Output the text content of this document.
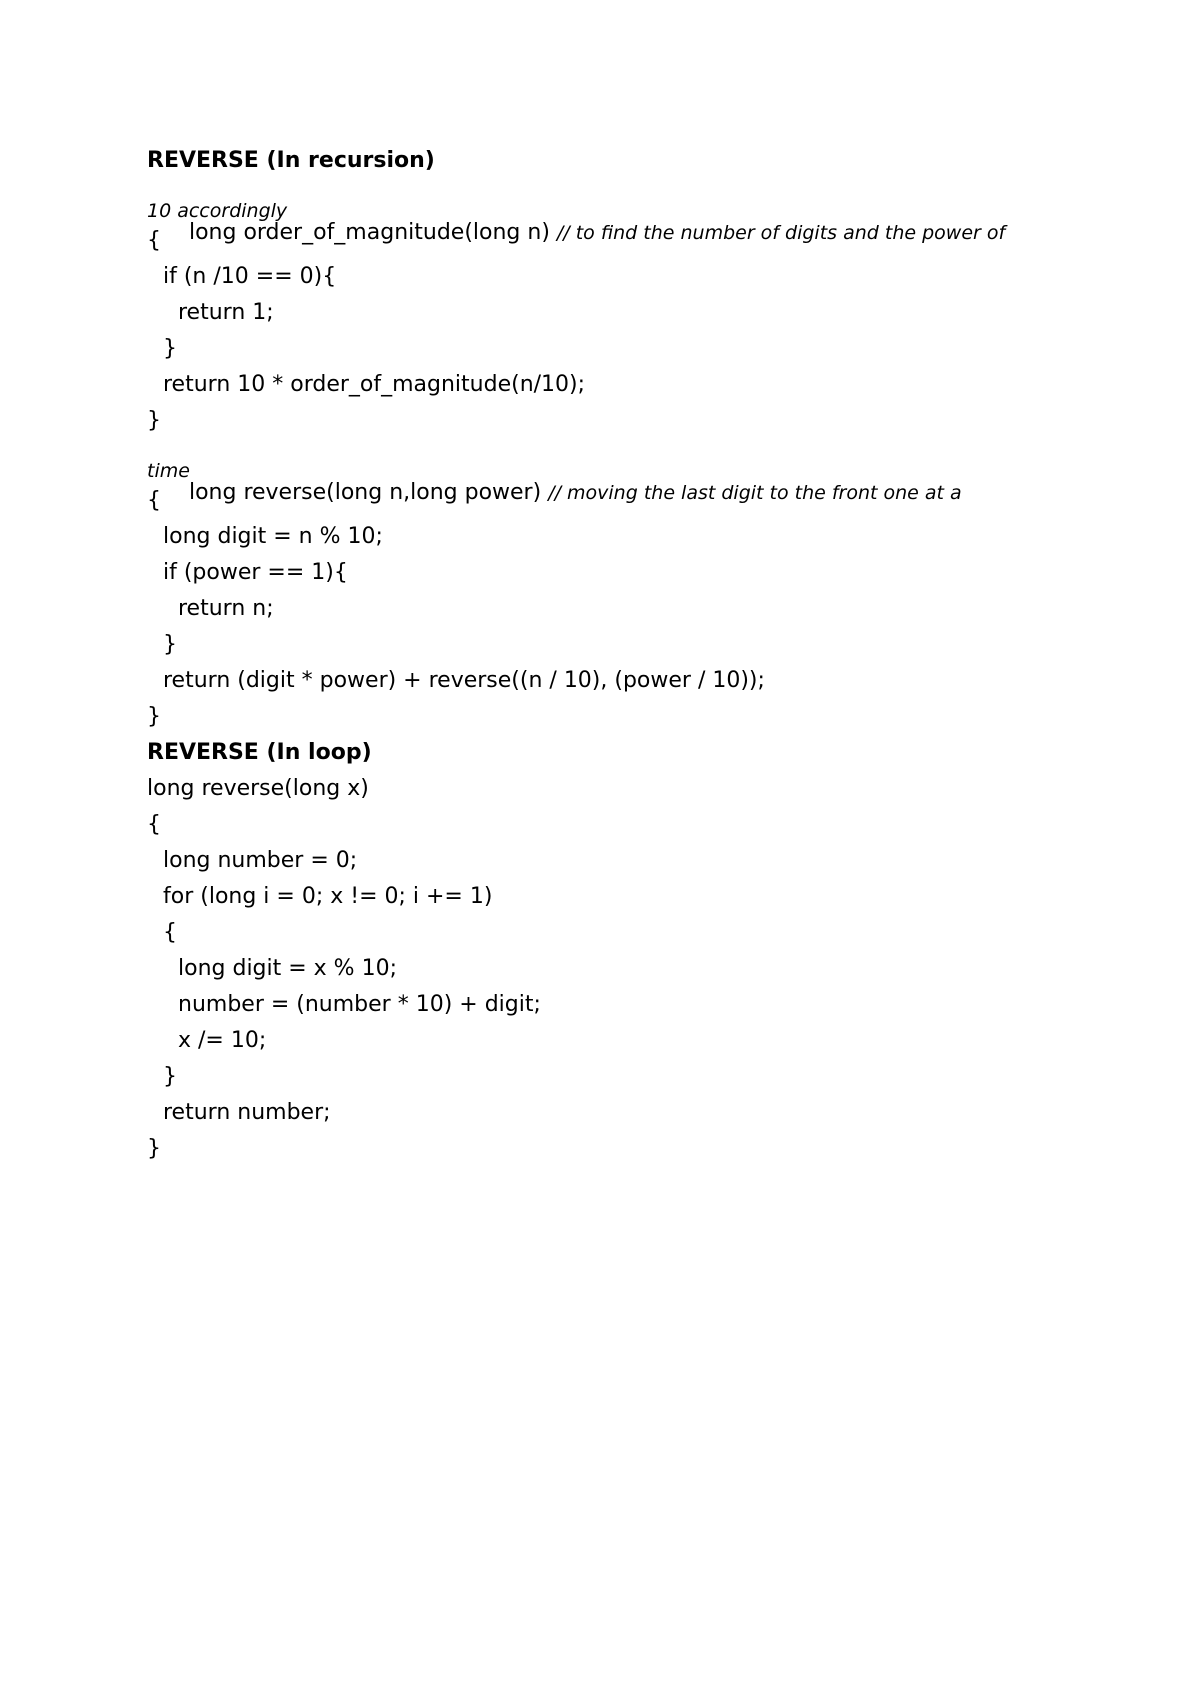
REVERSE (In recursion)

long order_of_magnitude(long n) // to find the number of digits and the power of

10 accordingly

{
if (n /10 == 0){
return 1;
}
return 10 * order_of_magnitude(n/10);
}

long reverse(long n,long power) // moving the last digit to the front one at a

time

{
long digit = n % 10;
if (power == 1){
return n;
}
return (digit * power) + reverse((n / 10), (power / 10));
}
REVERSE (In loop)
long reverse(long x)
{
long number = 0;
for (long i = 0; x != 0; i += 1)
{
long digit = x % 10;
number = (number * 10) + digit;
x /= 10;
}
return number;
}
